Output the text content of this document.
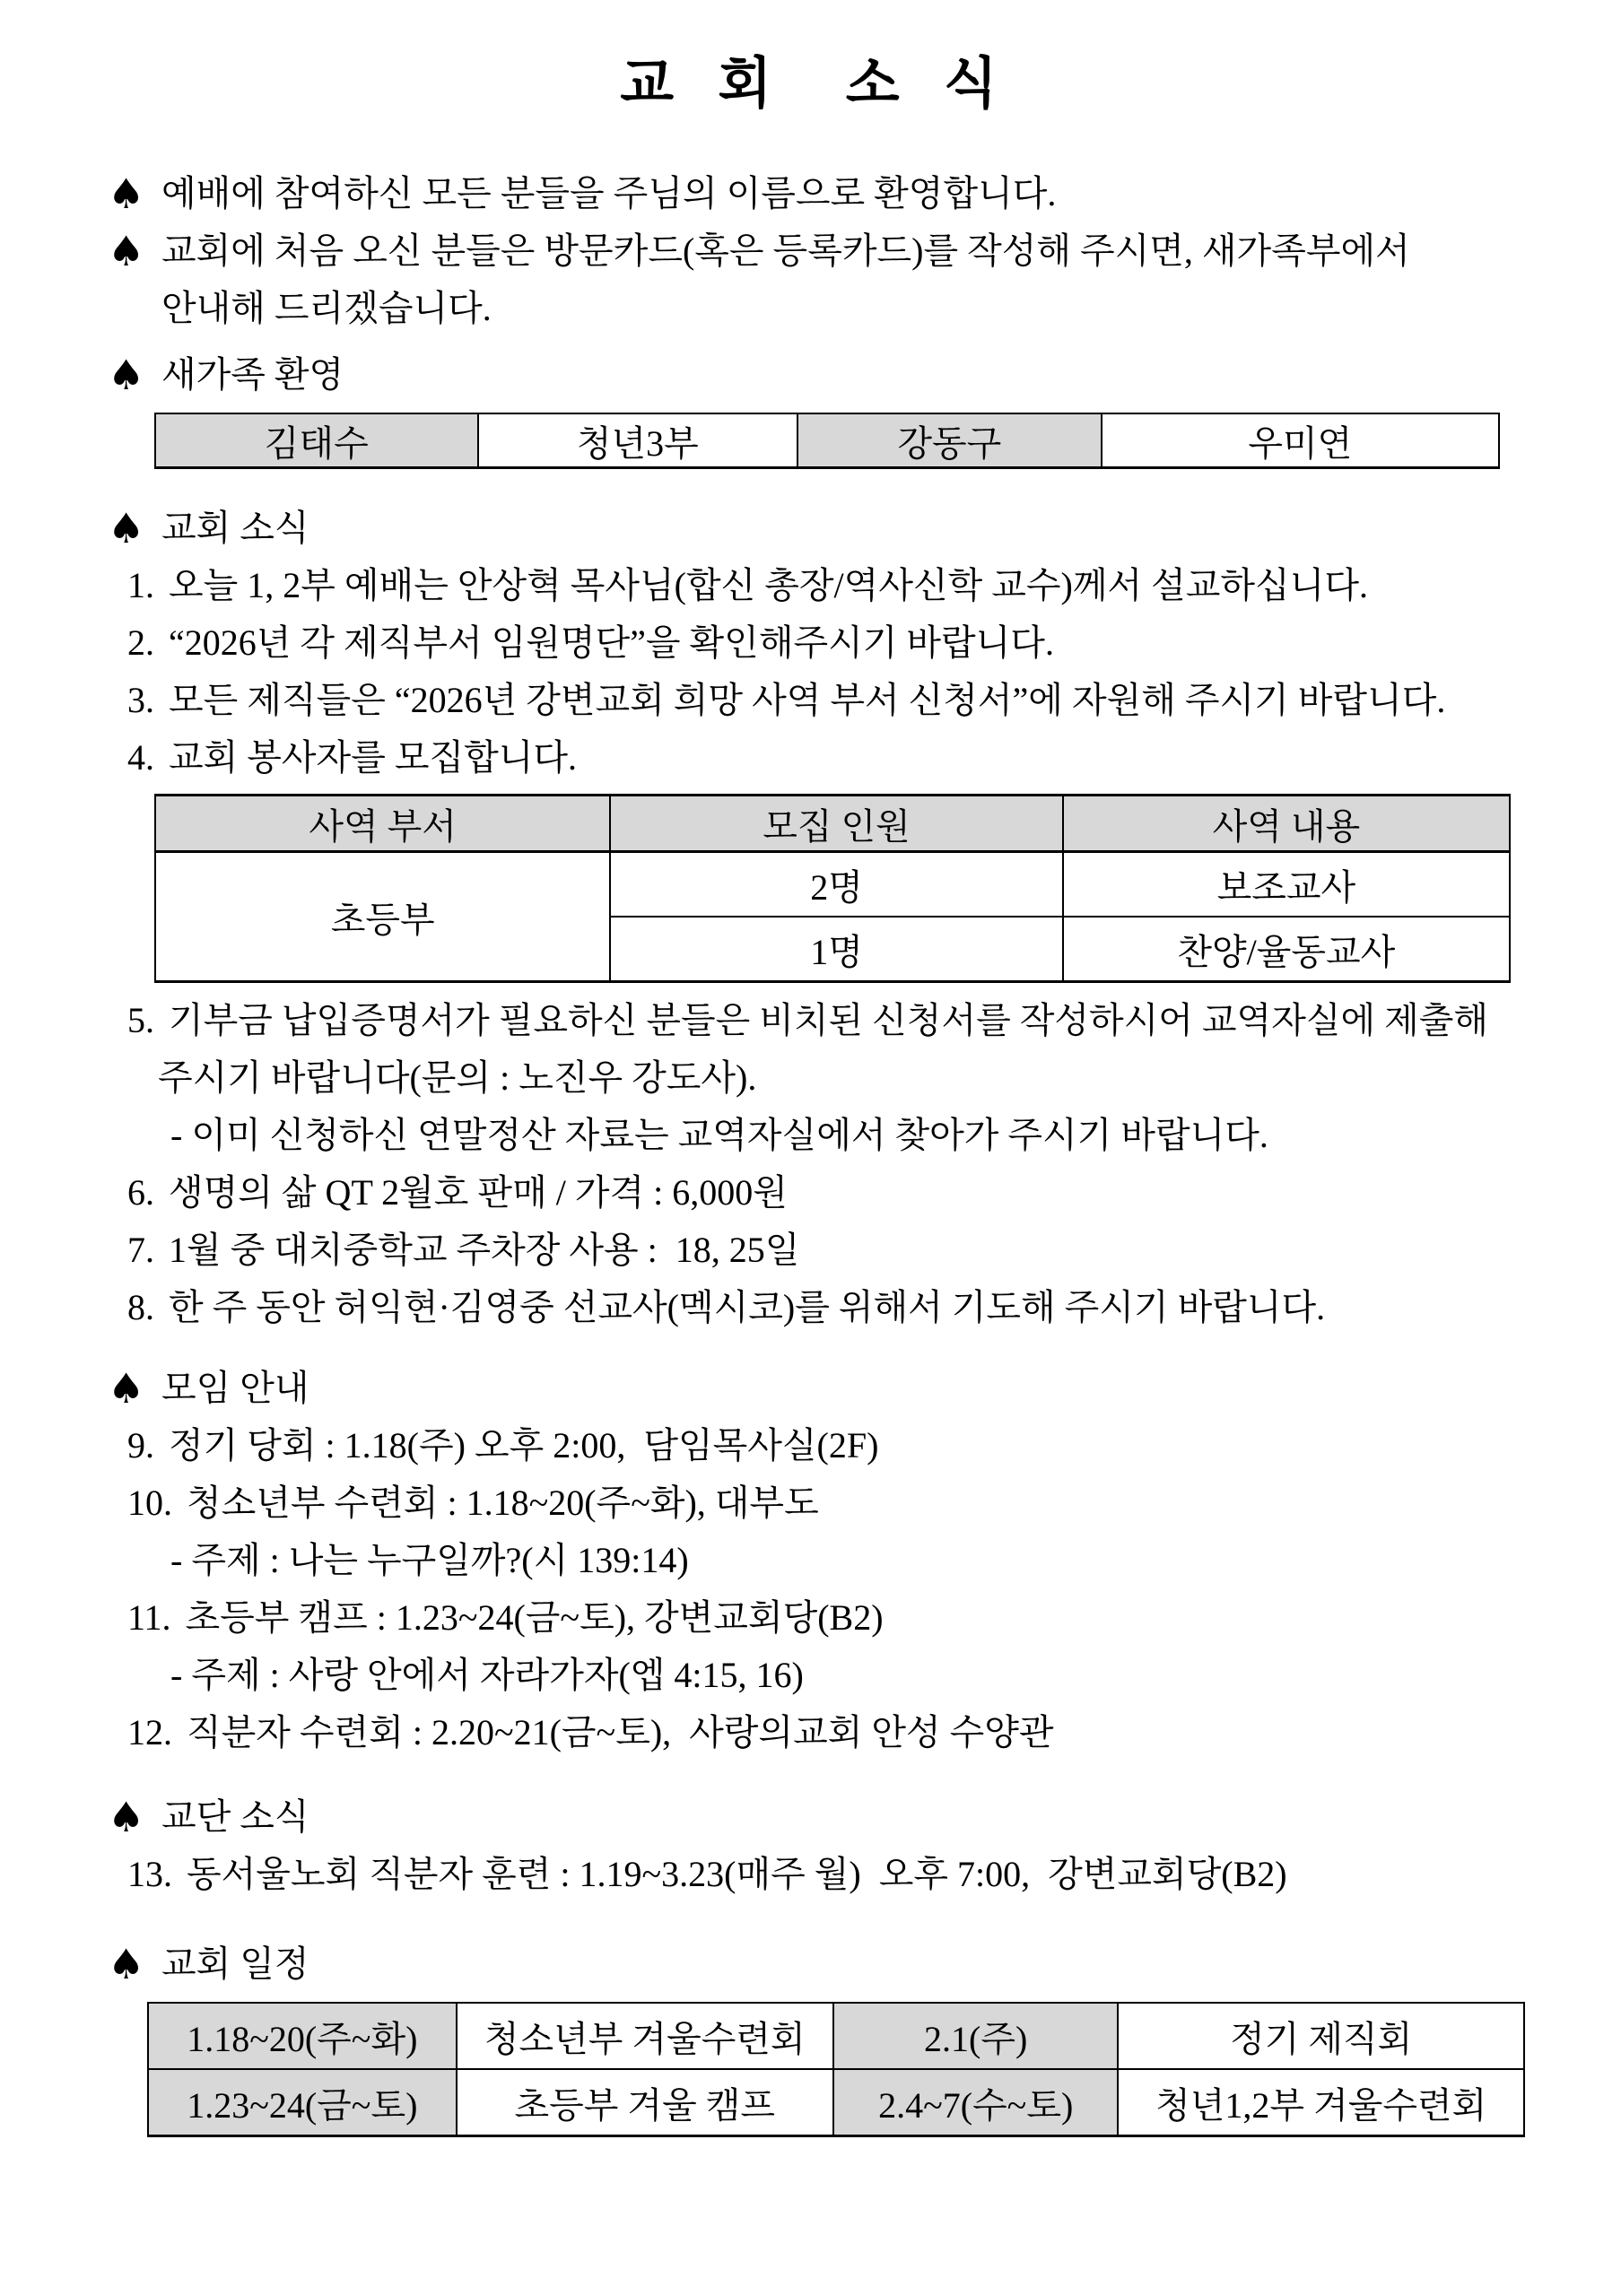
교 회  소 식
♠ 예배에 참여하신 모든 분들을 주님의 이름으로 환영합니다.
♠ 교회에 처음 오신 분들은 방문카드(혹은 등록카드)를 작성해 주시면, 새가족부에서
안내해 드리겠습니다.
♠ 새가족 환영
김태수	청년3부	강동구	우미연
♠ 교회 소식
1. 오늘 1, 2부 예배는 안상혁 목사님(합신 총장/역사신학 교수)께서 설교하십니다.
2. “2026년 각 제직부서 임원명단”을 확인해주시기 바랍니다.
3. 모든 제직들은 “2026년 강변교회 희망 사역 부서 신청서”에 자원해 주시기 바랍니다.
4. 교회 봉사자를 모집합니다.
사역 부서	모집 인원	사역 내용
초등부	2명	보조교사
	1명	찬양/율동교사
5. 기부금 납입증명서가 필요하신 분들은 비치된 신청서를 작성하시어 교역자실에 제출해
주시기 바랍니다(문의 : 노진우 강도사).
- 이미 신청하신 연말정산 자료는 교역자실에서 찾아가 주시기 바랍니다.
6. 생명의 삶 QT 2월호 판매 / 가격 : 6,000원
7. 1월 중 대치중학교 주차장 사용 :  18, 25일
8. 한 주 동안 허익현·김영중 선교사(멕시코)를 위해서 기도해 주시기 바랍니다.
♠ 모임 안내
9. 정기 당회 : 1.18(주) 오후 2:00,  담임목사실(2F)
10. 청소년부 수련회 : 1.18~20(주~화), 대부도
- 주제 : 나는 누구일까?(시 139:14)
11. 초등부 캠프 : 1.23~24(금~토), 강변교회당(B2)
- 주제 : 사랑 안에서 자라가자(엡 4:15, 16)
12. 직분자 수련회 : 2.20~21(금~토),  사랑의교회 안성 수양관
♠ 교단 소식
13. 동서울노회 직분자 훈련 : 1.19~3.23(매주 월)  오후 7:00,  강변교회당(B2)
♠ 교회 일정
1.18~20(주~화)	청소년부 겨울수련회	2.1(주)	정기 제직회
1.23~24(금~토)	초등부 겨울 캠프	2.4~7(수~토)	청년1,2부 겨울수련회
